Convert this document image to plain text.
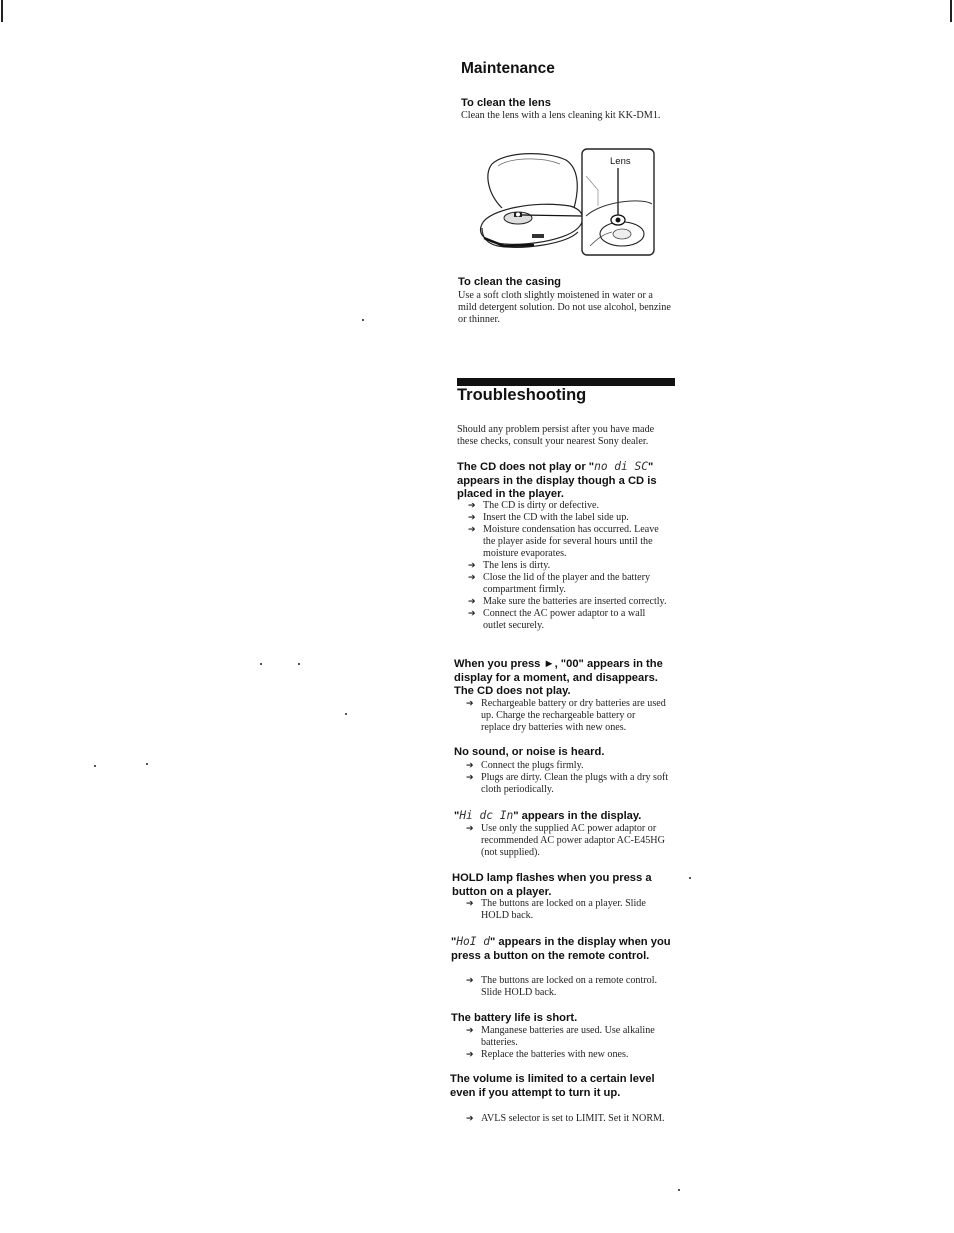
Maintenance
To clean the lens
Clean the lens with a lens cleaning kit KK-DM1.
Lens
To clean the casing
Use a soft cloth slightly moistened in water or a mild detergent solution. Do not use alcohol, benzine or thinner.
Troubleshooting
Should any problem persist after you have made these checks, consult your nearest Sony dealer.
The CD does not play or "no di SC" appears in the display though a CD is placed in the player.
➔ The CD is dirty or defective.
➔ Insert the CD with the label side up.
➔ Moisture condensation has occurred. Leave the player aside for several hours until the moisture evaporates.
➔ The lens is dirty.
➔ Close the lid of the player and the battery compartment firmly.
➔ Make sure the batteries are inserted correctly.
➔ Connect the AC power adaptor to a wall outlet securely.
When you press ►, "00" appears in the display for a moment, and disappears. The CD does not play.
➔ Rechargeable battery or dry batteries are used up. Charge the rechargeable battery or replace dry batteries with new ones.
No sound, or noise is heard.
➔ Connect the plugs firmly.
➔ Plugs are dirty. Clean the plugs with a dry soft cloth periodically.
"Hi dc In" appears in the display.
➔ Use only the supplied AC power adaptor or recommended AC power adaptor AC-E45HG (not supplied).
HOLD lamp flashes when you press a button on a player.
➔ The buttons are locked on a player. Slide HOLD back.
"HoI d" appears in the display when you press a button on the remote control.
➔ The buttons are locked on a remote control. Slide HOLD back.
The battery life is short.
➔ Manganese batteries are used. Use alkaline batteries.
➔ Replace the batteries with new ones.
The volume is limited to a certain level even if you attempt to turn it up.
➔ AVLS selector is set to LIMIT. Set it NORM.
